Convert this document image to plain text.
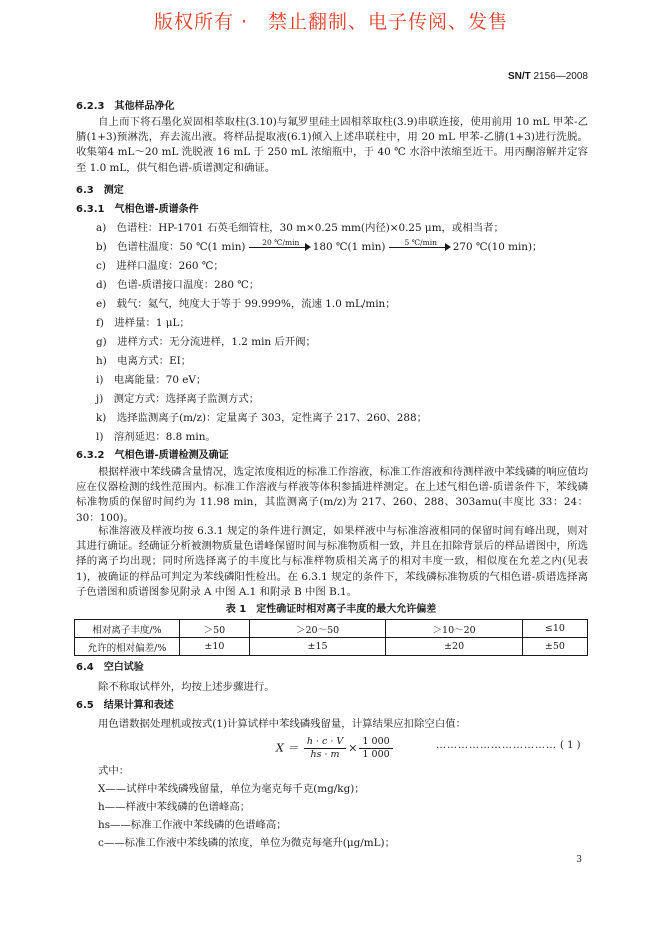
版权所有 ·　禁止翻制、电子传阅、发售
SN/T 2156—2008
6.2.3　其他样品净化
自上而下将石墨化炭固相萃取柱(3.10)与氟罗里硅土固相萃取柱(3.9)串联连接，使用前用 10 mL 甲苯-乙腈(1+3)预淋洗，弃去流出液。将样品提取液(6.1)倾入上述串联柱中，用 20 mL 甲苯-乙腈(1+3)进行洗脱。收集第4 mL～20 mL 洗脱液 16 mL 于 250 mL 浓缩瓶中，于 40 ℃ 水浴中浓缩至近干。用丙酮溶解并定容至 1.0 mL，供气相色谱-质谱测定和确证。
6.3　测定
6.3.1　气相色谱-质谱条件
a)　色谱柱：HP-1701 石英毛细管柱，30 m×0.25 mm(内径)×0.25 μm，或相当者；
b)　色谱柱温度：50 ℃(1 min)	20 ℃/min	180 ℃(1 min)	5 ℃/min	270 ℃(10 min)；
c)　进样口温度：260 ℃；
d)　色谱-质谱接口温度：280 ℃；
e)　载气：氦气，纯度大于等于 99.999%，流速 1.0 mL/min；
f)　进样量：1 μL；
g)　进样方式：无分流进样，1.2 min 后开阀；
h)　电离方式：EI；
i)　电离能量：70 eV；
j)　测定方式：选择离子监测方式；
k)　选择监测离子(m/z)：定量离子 303，定性离子 217、260、288；
l)　溶剂延迟：8.8 min。
6.3.2　气相色谱-质谱检测及确证
根据样液中苯线磷含量情况，选定浓度相近的标准工作溶液，标准工作溶液和待测样液中苯线磷的响应值均应在仪器检测的线性范围内。标准工作溶液与样液等体积参插进样测定。在上述气相色谱-质谱条件下，苯线磷标准物质的保留时间约为 11.98 min，其监测离子(m/z)为 217、260、288、303amu(丰度比 33：24：30：100)。
标准溶液及样液均按 6.3.1 规定的条件进行测定，如果样液中与标准溶液相同的保留时间有峰出现，则对其进行确证。经确证分析被测物质量色谱峰保留时间与标准物质相一致，并且在扣除背景后的样品谱图中，所选择的离子均出现；同时所选择离子的丰度比与标准样物质相关离子的相对丰度一致，相似度在允差之内(见表 1)，被确证的样品可判定为苯线磷阳性检出。在 6.3.1 规定的条件下，苯线磷标准物质的气相色谱-质谱选择离子色谱图和质谱图参见附录 A 中图 A.1 和附录 B 中图 B.1。
表 1　定性确证时相对离子丰度的最大允许偏差
相对离子丰度/%	＞50	＞20～50	＞10～20	≤10
允许的相对偏差/%	±10	±15	±20	±50
6.4　空白试验
除不称取试样外，均按上述步骤进行。
6.5　结果计算和表述
用色谱数据处理机或按式(1)计算试样中苯线磷残留量，计算结果应扣除空白值：
$X = \frac{h \cdot c \cdot V}{hs \cdot m} \times \frac{1 000}{1 000}$	…………………………… ( 1 )
式中：
X——试样中苯线磷残留量，单位为毫克每千克(mg/kg)；
h——样液中苯线磷的色谱峰高；
hs——标准工作液中苯线磷的色谱峰高；
c——标准工作液中苯线磷的浓度，单位为微克每毫升(μg/mL)；
3
